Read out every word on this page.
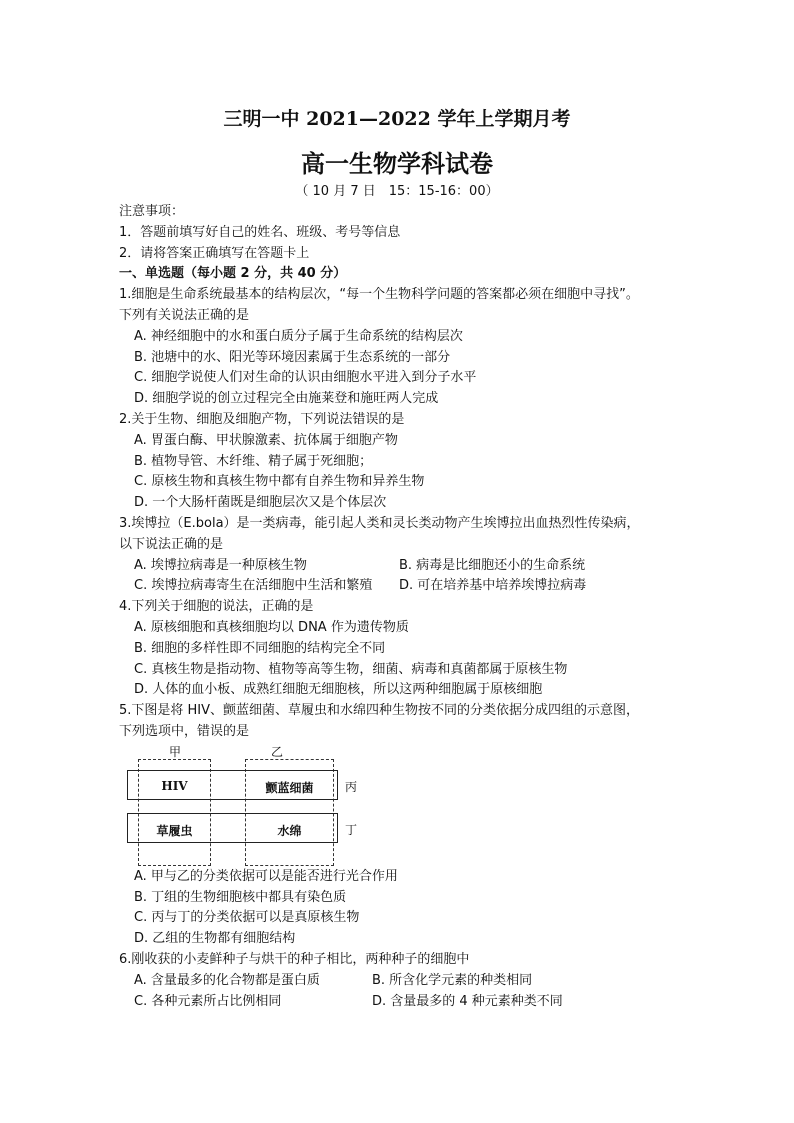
三明一中 2021—2022 学年上学期月考
高一生物学科试卷
（ 10 月 7 日　15：15-16：00）
注意事项：
1．答题前填写好自己的姓名、班级、考号等信息
2．请将答案正确填写在答题卡上
一、单选题（每小题 2 分，共 40 分）
1.细胞是生命系统最基本的结构层次，“每一个生物科学问题的答案都必须在细胞中寻找”。
下列有关说法正确的是
A. 神经细胞中的水和蛋白质分子属于生命系统的结构层次
B. 池塘中的水、阳光等环境因素属于生态系统的一部分
C. 细胞学说使人们对生命的认识由细胞水平进入到分子水平
D. 细胞学说的创立过程完全由施莱登和施旺两人完成
2.关于生物、细胞及细胞产物，下列说法错误的是
A. 胃蛋白酶、甲状腺激素、抗体属于细胞产物
B. 植物导管、木纤维、精子属于死细胞；
C. 原核生物和真核生物中都有自养生物和异养生物
D. 一个大肠杆菌既是细胞层次又是个体层次
3.埃博拉（E.bola）是一类病毒，能引起人类和灵长类动物产生埃博拉出血热烈性传染病，
以下说法正确的是
A. 埃博拉病毒是一种原核生物	B. 病毒是比细胞还小的生命系统
C. 埃博拉病毒寄生在活细胞中生活和繁殖	D. 可在培养基中培养埃博拉病毒
4.下列关于细胞的说法，正确的是
A. 原核细胞和真核细胞均以 DNA 作为遗传物质
B. 细胞的多样性即不同细胞的结构完全不同
C. 真核生物是指动物、植物等高等生物，细菌、病毒和真菌都属于原核生物
D. 人体的血小板、成熟红细胞无细胞核，所以这两种细胞属于原核细胞
5.下图是将 HIV、颤蓝细菌、草履虫和水绵四种生物按不同的分类依据分成四组的示意图，
下列选项中，错误的是
甲	乙
HIV	颤蓝细菌
草履虫	水绵
丙
丁
A. 甲与乙的分类依据可以是能否进行光合作用
B. 丁组的生物细胞核中都具有染色质
C. 丙与丁的分类依据可以是真原核生物
D. 乙组的生物都有细胞结构
6.刚收获的小麦鲜种子与烘干的种子相比，两种种子的细胞中
A. 含量最多的化合物都是蛋白质	B. 所含化学元素的种类相同
C. 各种元素所占比例相同	D. 含量最多的 4 种元素种类不同
